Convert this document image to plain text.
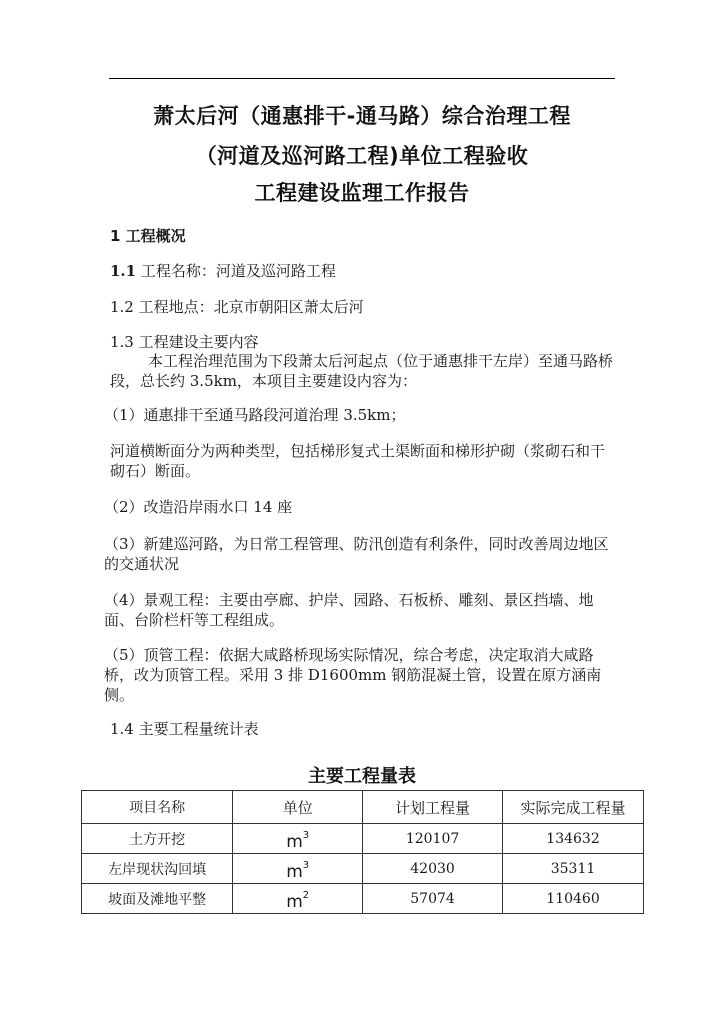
萧太后河（通惠排干-通马路）综合治理工程
（河道及巡河路工程)单位工程验收
工程建设监理工作报告
1 工程概况
1.1 工程名称：河道及巡河路工程
1.2 工程地点：北京市朝阳区萧太后河
1.3 工程建设主要内容
本工程治理范围为下段萧太后河起点（位于通惠排干左岸）至通马路桥段，总长约 3.5km，本项目主要建设内容为：
（1）通惠排干至通马路段河道治理 3.5km；
河道横断面分为两种类型，包括梯形复式土渠断面和梯形护砌（浆砌石和干砌石）断面。
（2）改造沿岸雨水口 14 座
（3）新建巡河路，为日常工程管理、防汛创造有利条件，同时改善周边地区的交通状况
（4）景观工程：主要由亭廊、护岸、园路、石板桥、雕刻、景区挡墙、地面、台阶栏杆等工程组成。
（5）顶管工程：依据大咸路桥现场实际情况，综合考虑，决定取消大咸路桥，改为顶管工程。采用 3 排 D1600mm 钢筋混凝土管，设置在原方涵南侧。
1.4 主要工程量统计表
主要工程量表
项目名称	单位	计划工程量	实际完成工程量
土方开挖	$m^3$	120107	134632
左岸现状沟回填	$m^3$	42030	35311
坡面及滩地平整	$m^2$	57074	110460
